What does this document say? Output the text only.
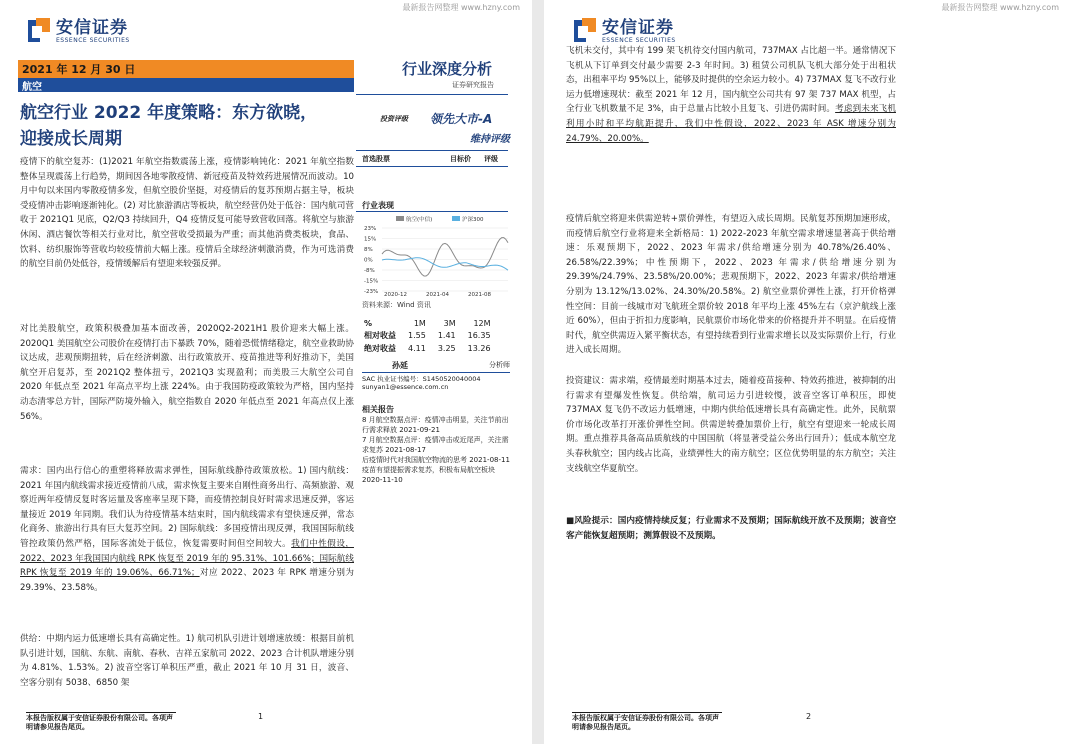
最新报告网整理 www.hzny.com
安信证券
ESSENCE SECURITIES
2021 年 12 月 30 日
航空
行业深度分析
证券研究报告
航空行业 2022 年度策略：东方欲晓，
迎接成长周期
投资评级 领先大市-A
维持评级
首选股票	目标价 评级
行业表现
23%
15%
8%
0%
-8%
-15%
-23% 2020-12	2021-04	2021-08
航空(中信)	沪深300
资料来源：Wind 资讯
%	1M	3M	12M
相对收益	1.55	1.41	16.35
绝对收益	4.11	3.25	13.26
孙延	分析师
SAC 执业证书编号：S1450520040004
sunyan1@essence.com.cn
相关报告
8 月航空数据点评：疫情冲击明显，关注节前出行需求释放 2021-09-21
7 月航空数据点评：疫情冲击或近尾声，关注需求复苏 2021-08-17
后疫情时代对我国航空物流的思考 2021-08-11
疫苗有望提振需求复苏，积极布局航空板块 2020-11-10
疫情下的航空复苏：(1)2021 年航空指数震荡上涨，疫情影响钝化：2021 年航空指数整体呈现震荡上行趋势，期间因各地零散疫情、新冠疫苗及特效药进展情况而波动。10 月中旬以来国内零散疫情多发，但航空股价坚挺，对疫情后的复苏预期占据主导，板块受疫情冲击影响逐渐钝化。(2) 对比旅游酒店等板块，航空经营仍处于低谷：国内航司营收于 2021Q1 见底，Q2/Q3 持续回升，Q4 疫情反复可能导致营收回落。将航空与旅游休闲、酒店餐饮等相关行业对比，航空营收受损最为严重；而其他消费类板块，食品、饮料、纺织服饰等营收均较疫情前大幅上涨。疫情后全球经济刺激消费，作为可选消费的航空目前仍处低谷，疫情缓解后有望迎来较强反弹。
对比美股航空，政策积极叠加基本面改善，2020Q2-2021H1 股价迎来大幅上涨。2020Q1 美国航空公司股价在疫情打击下暴跌 70%，随着恐慌情绪稳定，航空业救助协议达成，悲观预期扭转，后在经济刺激、出行政策放开、疫苗推进等利好推动下，美国航空开启复苏，至 2021Q2 整体扭亏，2021Q3 实现盈利；而美股三大航空公司自 2020 年低点至 2021 年高点平均上涨 224%。由于我国防疫政策较为严格，国内坚持动态清零总方针，国际严防境外输入，航空指数自 2020 年低点至 2021 年高点仅上涨 56%。
需求：国内出行信心的重塑将释放需求弹性，国际航线静待政策放松。1) 国内航线：2021 年国内航线需求接近疫情前八成，需求恢复主要来自刚性商务出行、高频旅游、观察近两年疫情反复时客运量及客座率呈现下降，而疫情控制良好时需求迅速反弹，客运量接近 2019 年同期。我们认为待疫情基本结束时，国内航线需求有望快速反弹，常态化商务、旅游出行具有巨大复苏空间。2) 国际航线：多国疫情出现反弹，我国国际航线管控政策仍然严格，国际客流处于低位，恢复需要时间但空间较大。我们中性假设，2022、2023 年我国国内航线 RPK 恢复至 2019 年的 95.31%、101.66%；国际航线 RPK 恢复至 2019 年的 19.06%、66.71%；对应 2022、2023 年 RPK 增速分别为 29.39%、23.58%。
供给：中期内运力低速增长具有高确定性。1) 航司机队引进计划增速放缓：根据目前机队引进计划，国航、东航、南航、春秋、吉祥五家航司 2022、2023 合计机队增速分别为 4.81%、1.53%。2) 波音空客订单积压严重，截止 2021 年 10 月 31 日，波音、空客分别有 5038、6850 架
本报告版权属于安信证券股份有限公司。各项声明请参见报告尾页。
1
最新报告网整理 www.hzny.com
安信证券
ESSENCE SECURITIES
飞机未交付，其中有 199 架飞机待交付国内航司，737MAX 占比超一半。通常情况下飞机从下订单到交付最少需要 2-3 年时间。3) 租赁公司机队飞机大部分处于出租状态，出租率平均 95%以上，能够及时提供的空余运力较小。4) 737MAX 复飞不改行业运力低增速现状：截至 2021 年 12 月，国内航空公司共有 97 架 737 MAX 机型，占全行业飞机数量不足 3%，由于总量占比较小且复飞、引进仍需时间。考虑到未来飞机利用小时和平均航距提升，我们中性假设，2022、2023 年 ASK 增速分别为 24.79%、20.00%。
疫情后航空将迎来供需逆转+票价弹性，有望迈入成长周期。民航复苏预期加速形成，而疫情后航空行业将迎来全新格局：1) 2022-2023 年航空需求增速显著高于供给增速：乐观预期下，2022、2023 年需求/供给增速分别为 40.78%/26.40%、26.58%/22.39%；中性预期下，2022、2023 年需求/供给增速分别为 29.39%/24.79%、23.58%/20.00%；悲观预期下，2022、2023 年需求/供给增速分别为 13.12%/13.02%、24.30%/20.58%。2) 航空业票价弹性上涨，打开价格弹性空间：目前一线城市对飞航班全票价较 2018 年平均上涨 45%左右（京沪航线上涨近 60%），但由于折扣力度影响，民航票价市场化带来的价格提升并不明显。在后疫情时代，航空供需迈入紧平衡状态，有望持续看到行业需求增长以及实际票价上行，行业进入成长周期。
投资建议：需求端，疫情最差时期基本过去，随着疫苗接种、特效药推进，被抑制的出行需求有望爆发性恢复。供给端，航司运力引进较慢，波音空客订单积压，即使 737MAX 复飞仍不改运力低增速，中期内供给低速增长具有高确定性。此外，民航票价市场化改革打开涨价弹性空间。供需逆转叠加票价上行，航空有望迎来一轮成长周期。重点推荐具备高品质航线的中国国航（将显著受益公务出行回升）；低成本航空龙头春秋航空；国内线占比高，业绩弹性大的南方航空；区位优势明显的东方航空；关注支线航空华夏航空。
■风险提示：国内疫情持续反复；行业需求不及预期；国际航线开放不及预期；波音空客产能恢复超预期；测算假设不及预期。
本报告版权属于安信证券股份有限公司。各项声明请参见报告尾页。
2
